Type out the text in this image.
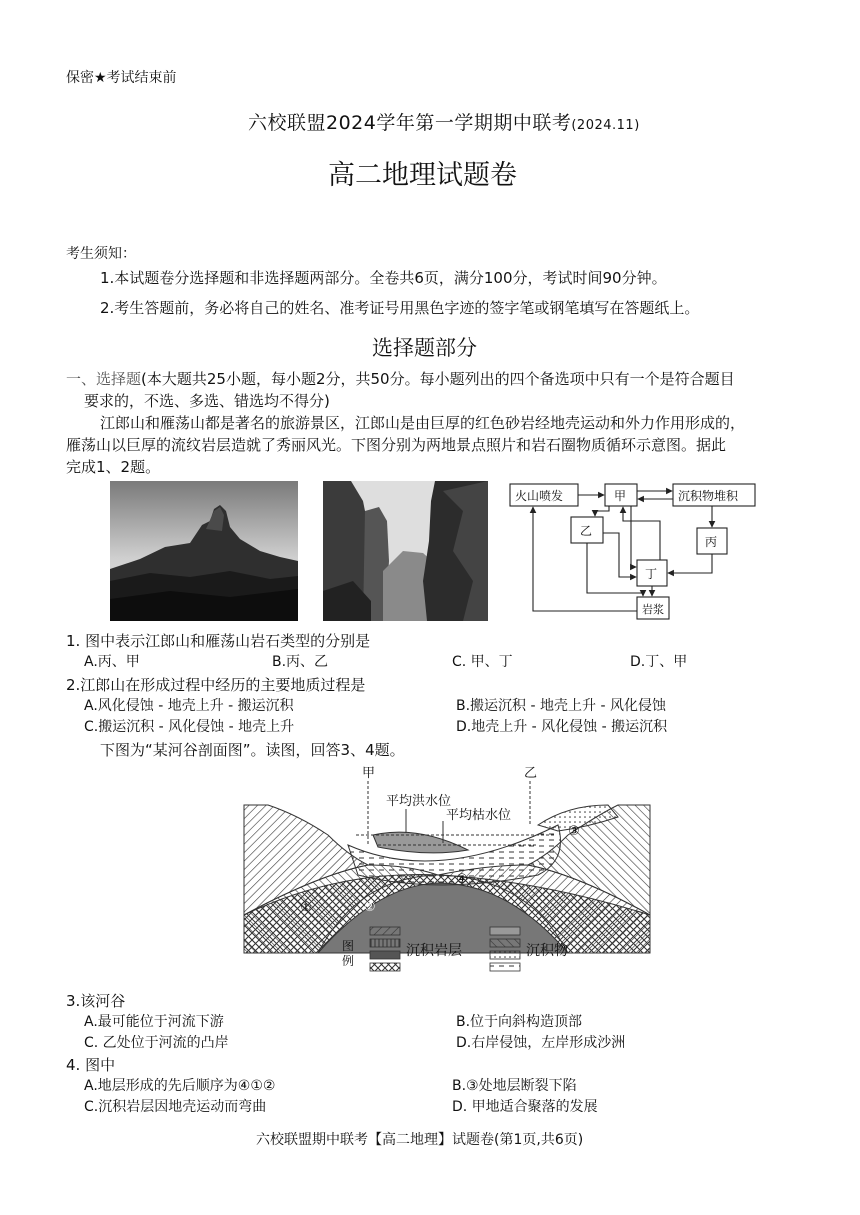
保密★考试结束前
六校联盟2024学年第一学期期中联考(2024.11)
高二地理试题卷
考生须知：
1.本试题卷分选择题和非选择题两部分。全卷共6页，满分100分，考试时间90分钟。
2.考生答题前，务必将自己的姓名、准考证号用黑色字迹的签字笔或钢笔填写在答题纸上。
选择题部分
一、选择题(本大题共25小题，每小题2分，共50分。每小题列出的四个备选项中只有一个是符合题目
要求的，不选、多选、错选均不得分)
江郎山和雁荡山都是著名的旅游景区，江郎山是由巨厚的红色砂岩经地壳运动和外力作用形成的，
雁荡山以巨厚的流纹岩层造就了秀丽风光。下图分别为两地景点照片和岩石圈物质循环示意图。据此
完成1、2题。
火山喷发	甲	沉积物堆积
乙
丙
丁
岩浆
1. 图中表示江郎山和雁荡山岩石类型的分别是
A.丙、甲	B.丙、乙	C. 甲、丁	D.丁、甲
2.江郎山在形成过程中经历的主要地质过程是
A.风化侵蚀 - 地壳上升 - 搬运沉积	B.搬运沉积 - 地壳上升 - 风化侵蚀
C.搬运沉积 - 风化侵蚀 - 地壳上升	D.地壳上升 - 风化侵蚀 - 搬运沉积
下图为“某河谷剖面图”。读图，回答3、4题。
甲	乙
平均洪水位
平均枯水位
①	②
③
④
图
例
沉积岩层	沉积物
3.该河谷
A.最可能位于河流下游	B.位于向斜构造顶部
C. 乙处位于河流的凸岸	D.右岸侵蚀，左岸形成沙洲
4. 图中
A.地层形成的先后顺序为④①②	B.③处地层断裂下陷
C.沉积岩层因地壳运动而弯曲	D. 甲地适合聚落的发展
六校联盟期中联考【高二地理】试题卷(第1页,共6页)
